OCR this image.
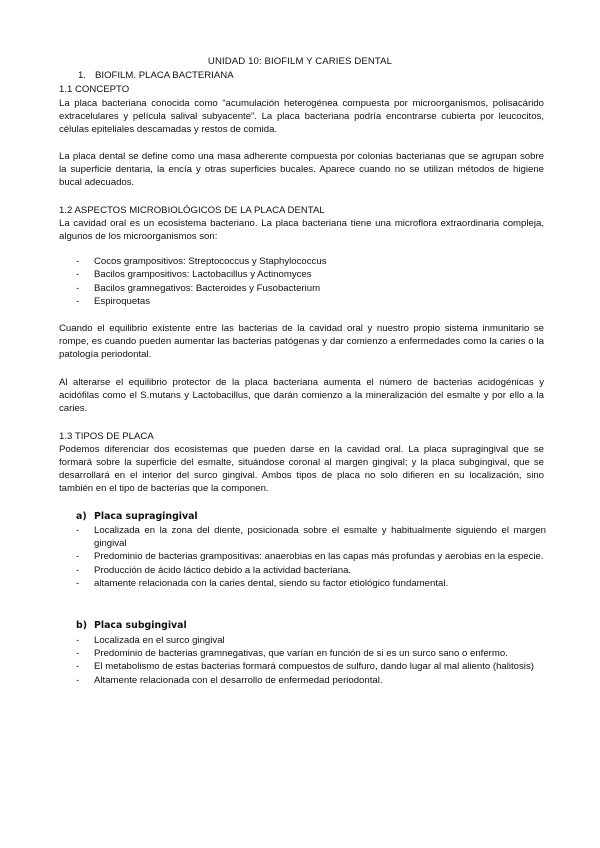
UNIDAD 10: BIOFILM Y CARIES DENTAL
1. BIOFILM. PLACA BACTERIANA
1.1 CONCEPTO
La placa bacteriana conocida como “acumulación heterogénea compuesta por microorganismos, polisacárido extracelulares y película salival subyacente”. La placa bacteriana podría encontrarse cubierta por leucocitos, células epiteliales descamadas y restos de comida.
La placa dental se define como una masa adherente compuesta por colonias bacterianas que se agrupan sobre la superficie dentaria, la encía y otras superficies bucales. Aparece cuando no se utilizan métodos de higiene bucal adecuados.
1.2 ASPECTOS MICROBIOLÓGICOS DE LA PLACA DENTAL
La cavidad oral es un ecosistema bacteriano. La placa bacteriana tiene una microflora extraordinaria compleja, algunos de los microorganismos son:
- Cocos grampositivos: Streptococcus y Staphylococcus
- Bacilos grampositivos: Lactobacillus y Actinomyces
- Bacilos gramnegativos: Bacteroides y Fusobacterium
- Espiroquetas
Cuando el equilibrio existente entre las bacterias de la cavidad oral y nuestro propio sistema inmunitario se rompe, es cuando pueden aumentar las bacterias patógenas y dar comienzo a enfermedades como la caries o la patología periodontal.
Al alterarse el equilibrio protector de la placa bacteriana aumenta el número de bacterias acidogénicas y acidófilas como el S.mutans y Lactobacillus, que darán comienzo a la mineralización del esmalte y por ello a la caries.
1.3 TIPOS DE PLACA
Podemos diferenciar dos ecosistemas que pueden darse en la cavidad oral. La placa supragingival que se formará sobre la superficie del esmalte, situándose coronal al margen gingival; y la placa subgingival, que se desarrollará en el interior del surco gingival. Ambos tipos de placa no solo difieren en su localización, sino también en el tipo de bacterias que la componen.
a) Placa supragingival
- Localizada en la zona del diente, posicionada sobre el esmalte y habitualmente siguiendo el margen gingival
- Predominio de bacterias grampositivas: anaerobias en las capas más profundas y aerobias en la especie.
- Producción de ácido láctico debido a la actividad bacteriana.
- altamente relacionada con la caries dental, siendo su factor etiológico fundamental.
b) Placa subgingival
- Localizada en el surco gingival
- Predominio de bacterias gramnegativas, que varían en función de si es un surco sano o enfermo.
- El metabolismo de estas bacterias formará compuestos de sulfuro, dando lugar al mal aliento (halitosis)
- Altamente relacionada con el desarrollo de enfermedad periodontal.
